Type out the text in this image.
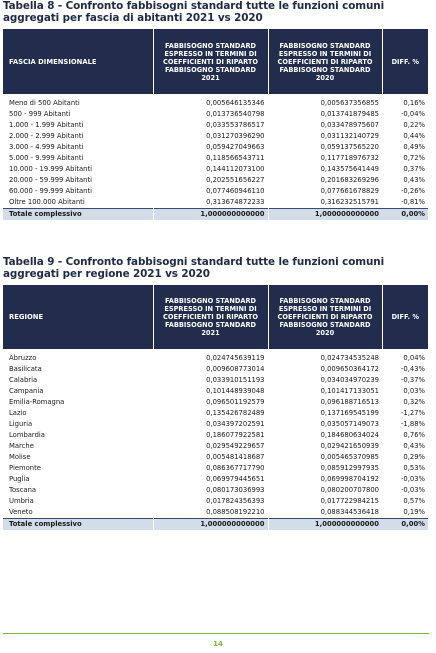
Tabella 8 - Confronto fabbisogni standard tutte le funzioni comuni aggregati per fascia di abitanti 2021 vs 2020
FASCIA DIMENSIONALE	FABBISOGNO STANDARD ESPRESSO IN TERMINI DI COEFFICIENTI DI RIPARTO FABBISOGNO STANDARD 2021	FABBISOGNO STANDARD ESPRESSO IN TERMINI DI COEFFICIENTI DI RIPARTO FABBISOGNO STANDARD 2020	DIFF. %

Meno di 500 Abitanti	0,005646135346	0,005637356855	0,16%
500 - 999 Abitanti	0,013736540798	0,013741879485	-0,04%
1.000 - 1.999 Abitanti	0,033553786517	0,033478975607	0,22%
2.000 - 2.999 Abitanti	0,031270396290	0,031132140729	0,44%
3.000 - 4.999 Abitanti	0,059427049663	0,059137565220	0,49%
5.000 - 9.999 Abitanti	0,118566543711	0,117718976732	0,72%
10.000 - 19.999 Abitanti	0,144112073100	0,143575641449	0,37%
20.000 - 59.999 Abitanti	0,202551656227	0,201683269296	0,43%
60.000 - 99.999 Abitanti	0,077460946110	0,077661678829	-0,26%
Oltre 100.000 Abitanti	0,313674872233	0,316232515791	-0,81%
Totale complessivo	1,000000000000	1,000000000000	0,00%
Tabella 9 - Confronto fabbisogni standard tutte le funzioni comuni aggregati per regione 2021 vs 2020
REGIONE	FABBISOGNO STANDARD ESPRESSO IN TERMINI DI COEFFICIENTI DI RIPARTO FABBISOGNO STANDARD 2021	FABBISOGNO STANDARD ESPRESSO IN TERMINI DI COEFFICIENTI DI RIPARTO FABBISOGNO STANDARD 2020	DIFF. %

Abruzzo	0,024745639119	0,024734535248	0,04%
Basilicata	0,009608773014	0,009650364172	-0,43%
Calabria	0,033910151193	0,034034970239	-0,37%
Campania	0,101448939048	0,101417133051	0,03%
Emilia-Romagna	0,096501192579	0,096188716513	0,32%
Lazio	0,135426782489	0,137169545199	-1,27%
Liguria	0,034397202591	0,035057149073	-1,88%
Lombardia	0,186077922581	0,184680634024	0,76%
Marche	0,029549229657	0,029421650939	0,43%
Molise	0,005481418687	0,005465370985	0,29%
Piemonte	0,086367717790	0,085912997935	0,53%
Puglia	0,069979445651	0,069998704192	-0,03%
Toscana	0,080173036993	0,080200707800	-0,03%
Umbria	0,017824356393	0,017722984215	0,57%
Veneto	0,088508192210	0,088344536418	0,19%
Totale complessivo	1,000000000000	1,000000000000	0,00%
14
